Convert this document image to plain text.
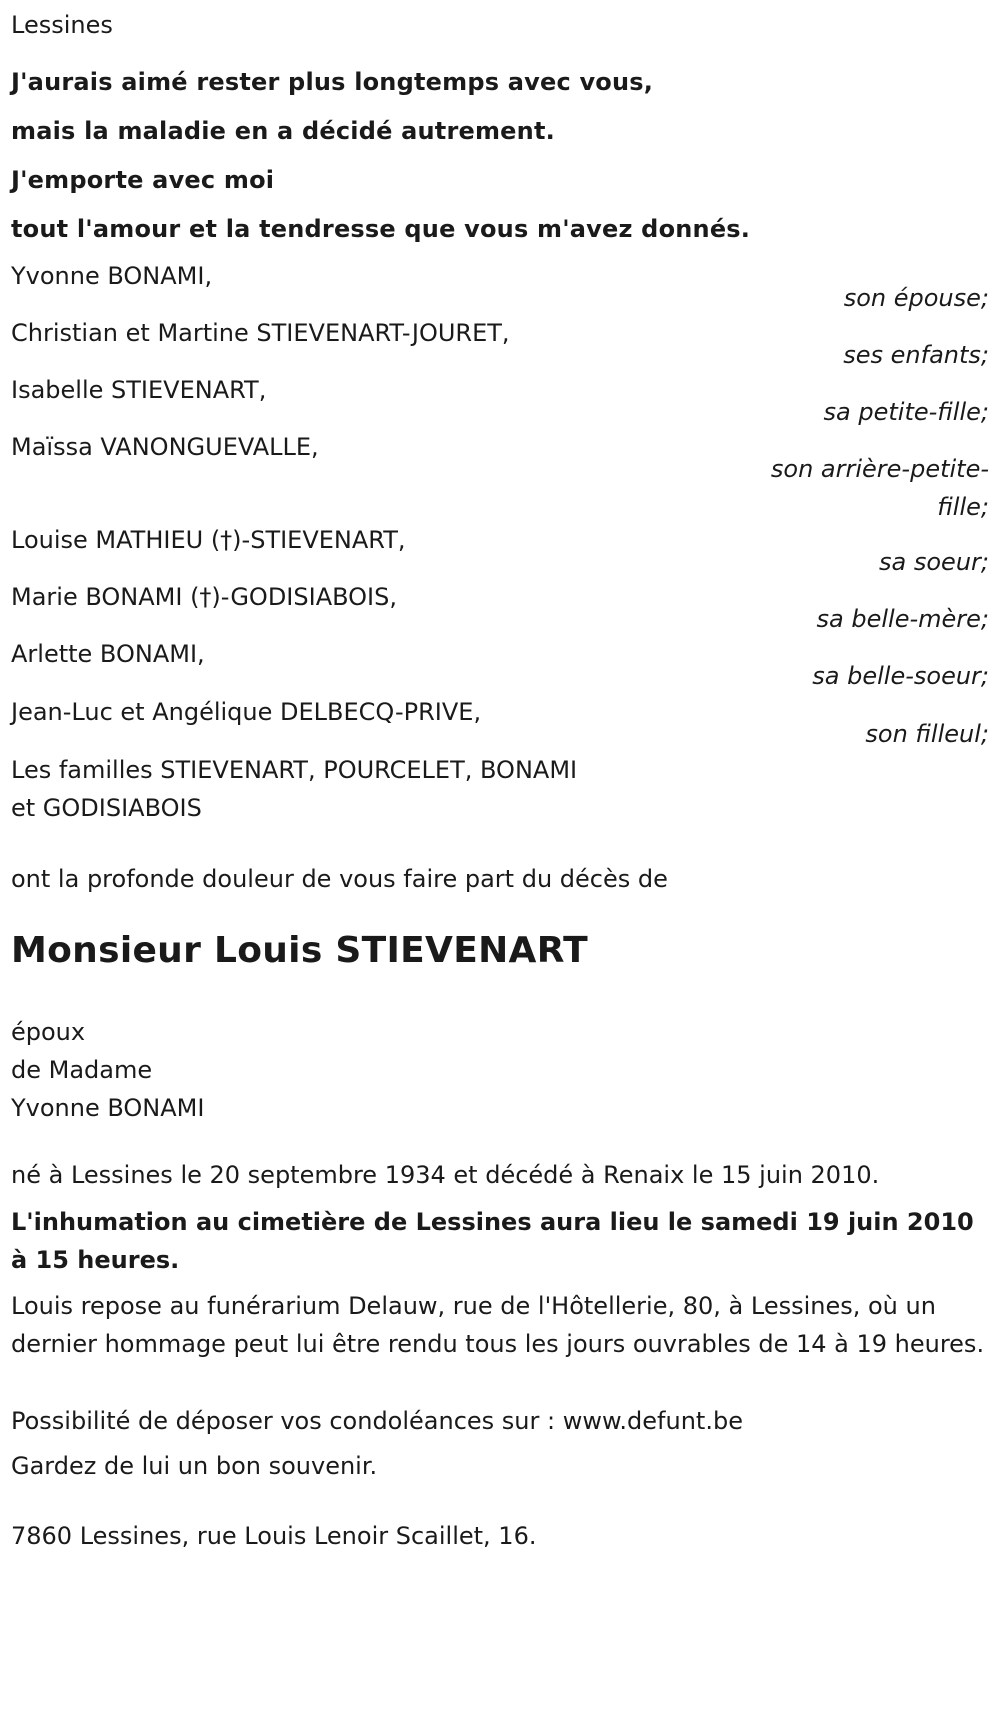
Lessines
J'aurais aimé rester plus longtemps avec vous,
mais la maladie en a décidé autrement.
J'emporte avec moi
tout l'amour et la tendresse que vous m'avez donnés.
Yvonne BONAMI,
son épouse;
Christian et Martine STIEVENART-JOURET,
ses enfants;
Isabelle STIEVENART,
sa petite-fille;
Maïssa VANONGUEVALLE,
son arrière-petite-fille;
Louise MATHIEU (†)-STIEVENART,
sa soeur;
Marie BONAMI (†)-GODISIABOIS,
sa belle-mère;
Arlette BONAMI,
sa belle-soeur;
Jean-Luc et Angélique DELBECQ-PRIVE,
son filleul;
Les familles STIEVENART, POURCELET, BONAMI
et GODISIABOIS
ont la profonde douleur de vous faire part du décès de
Monsieur Louis STIEVENART
époux
de Madame
Yvonne BONAMI
né à Lessines le 20 septembre 1934 et décédé à Renaix le 15 juin 2010.
L'inhumation au cimetière de Lessines aura lieu le samedi 19 juin 2010 à 15 heures.
Louis repose au funérarium Delauw, rue de l'Hôtellerie, 80, à Lessines, où un dernier hommage peut lui être rendu tous les jours ouvrables de 14 à 19 heures.
Possibilité de déposer vos condoléances sur : www.defunt.be
Gardez de lui un bon souvenir.
7860 Lessines, rue Louis Lenoir Scaillet, 16.
